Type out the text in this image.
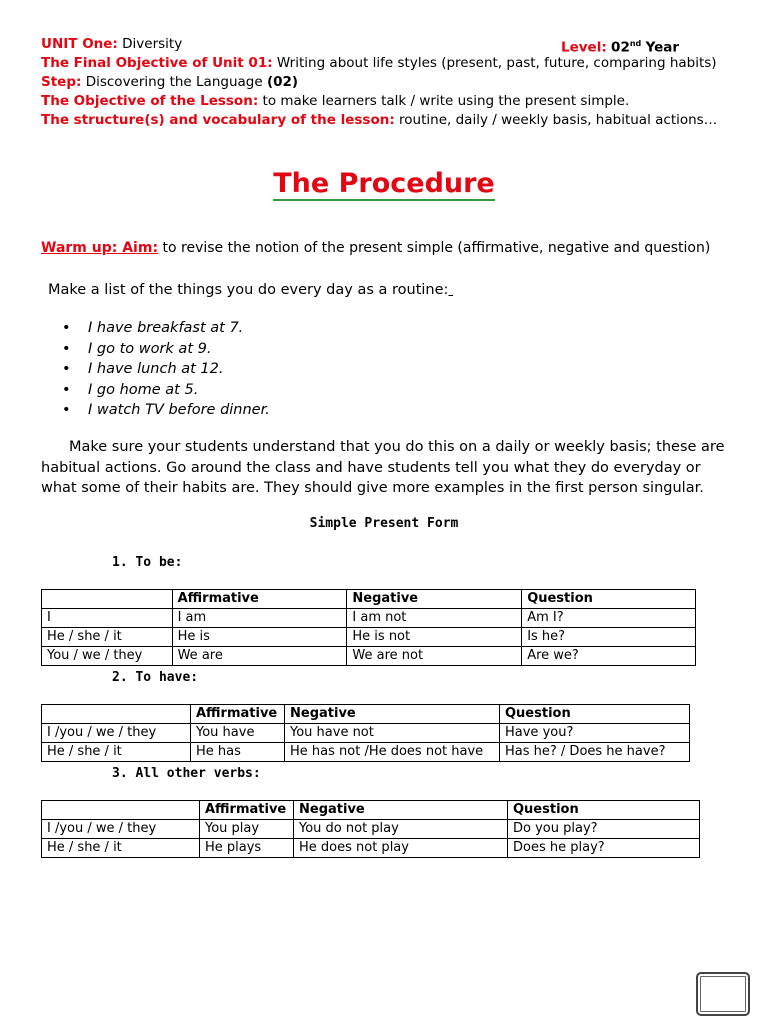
UNIT One: Diversity	Level: 02nd Year
The Final Objective of Unit 01: Writing about life styles (present, past, future, comparing habits)
Step: Discovering the Language (02)
The Objective of the Lesson: to make learners talk / write using the present simple.
The structure(s) and vocabulary of the lesson: routine, daily / weekly basis, habitual actions…
The Procedure
Warm up: Aim: to revise the notion of the present simple (affirmative, negative and question)
Make a list of the things you do every day as a routine:
• I have breakfast at 7.
• I go to work at 9.
• I have lunch at 12.
• I go home at 5.
• I watch TV before dinner.
Make sure your students understand that you do this on a daily or weekly basis; these are habitual actions. Go around the class and have students tell you what they do everyday or what some of their habits are. They should give more examples in the first person singular.
Simple Present Form
1. To be:
	Affirmative	Negative	Question
I	I am	I am not	Am I?
He / she / it	He is	He is not	Is he?
You / we / they	We are	We are not	Are we?
2. To have:
	Affirmative	Negative	Question
I /you / we / they	You have	You have not	Have you?
He / she / it	He has	He has not /He does not have	Has he? / Does he have?
3. All other verbs:
	Affirmative	Negative	Question
I /you / we / they	You play	You do not play	Do you play?
He / she / it	He plays	He does not play	Does he play?
